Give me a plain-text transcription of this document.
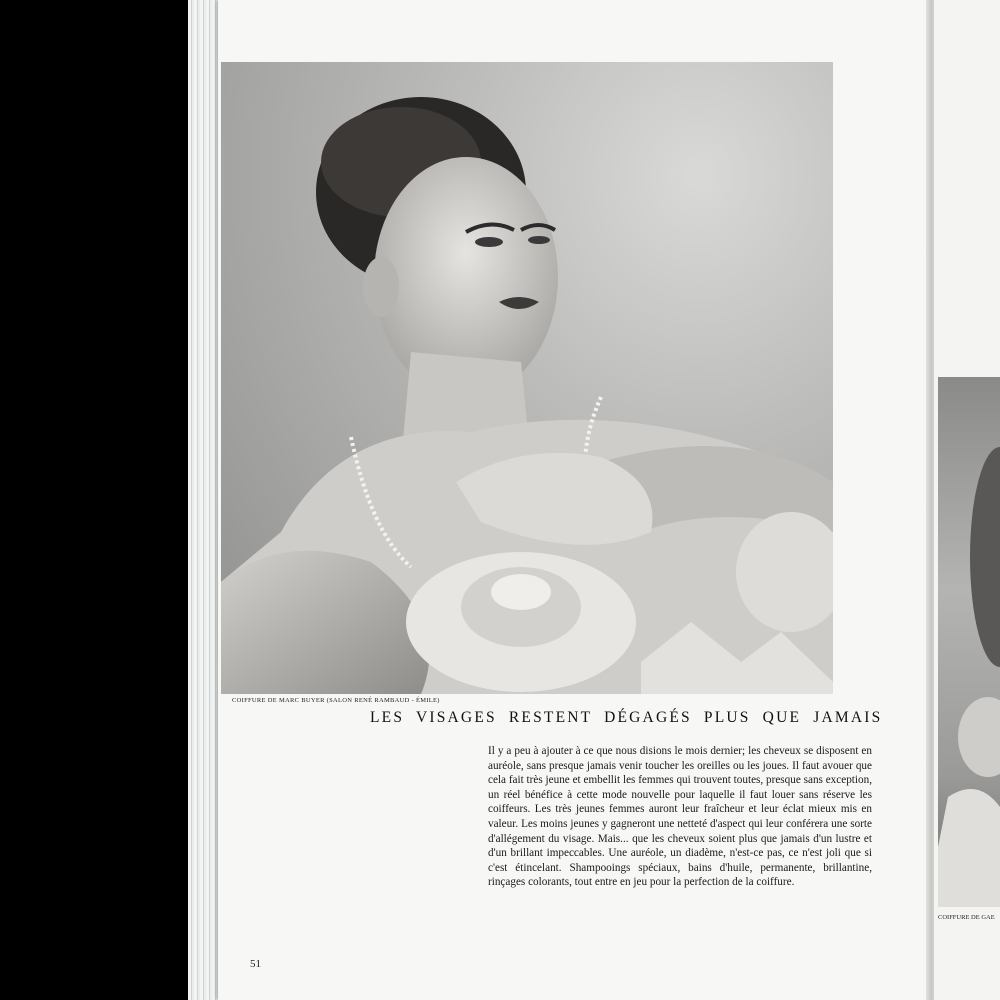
COIFFURE DE MARC BUYER (SALON RENÉ RAMBAUD - ÉMILE)
LES VISAGES RESTENT DÉGAGÉS PLUS QUE JAMAIS
Il y a peu à ajouter à ce que nous disions le mois dernier; les cheveux se disposent en auréole, sans presque jamais venir toucher les oreilles ou les joues. Il faut avouer que cela fait très jeune et embellit les femmes qui trouvent toutes, presque sans exception, un réel bénéfice à cette mode nouvelle pour laquelle il faut louer sans réserve les coiffeurs. Les très jeunes femmes auront leur fraîcheur et leur éclat mieux mis en valeur. Les moins jeunes y gagneront une netteté d'aspect qui leur conférera une sorte d'allégement du visage. Mais... que les cheveux soient plus que jamais d'un lustre et d'un brillant impeccables. Une auréole, un diadème, n'est-ce pas, ce n'est joli que si c'est étincelant. Shampooings spéciaux, bains d'huile, permanente, brillantine, rinçages colorants, tout entre en jeu pour la perfection de la coiffure.
51
COIFFURE DE GAE
